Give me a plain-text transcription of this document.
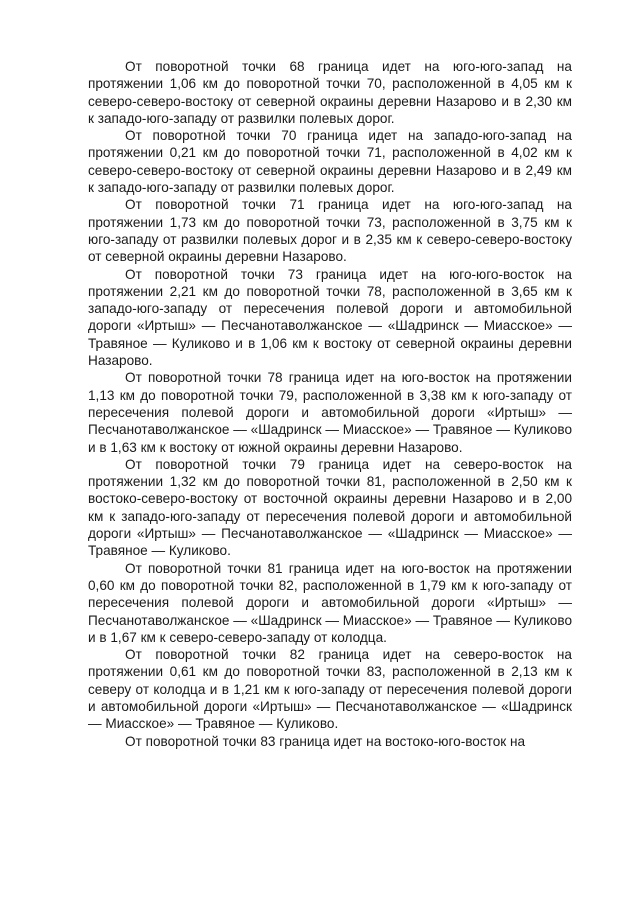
От поворотной точки 68 граница идет на юго-юго-запад на протяжении 1,06 км до поворотной точки 70, расположенной в 4,05 км к северо-северо-востоку от северной окраины деревни Назарово и в 2,30 км к западо-юго-западу от развилки полевых дорог.

От поворотной точки 70 граница идет на западо-юго-запад на протяжении 0,21 км до поворотной точки 71, расположенной в 4,02 км к северо-северо-востоку от северной окраины деревни Назарово и в 2,49 км к западо-юго-западу от развилки полевых дорог.

От поворотной точки 71 граница идет на юго-юго-запад на протяжении 1,73 км до поворотной точки 73, расположенной в 3,75 км к юго-западу от развилки полевых дорог и в 2,35 км к северо-северо-востоку от северной окраины деревни Назарово.

От поворотной точки 73 граница идет на юго-юго-восток на протяжении 2,21 км до поворотной точки 78, расположенной в 3,65 км к западо-юго-западу от пересечения полевой дороги и автомобильной дороги «Иртыш» — Песчанотаволжанское — «Шадринск — Миасское» — Травяное — Куликово и в 1,06 км к востоку от северной окраины деревни Назарово.

От поворотной точки 78 граница идет на юго-восток на протяжении 1,13 км до поворотной точки 79, расположенной в 3,38 км к юго-западу от пересечения полевой дороги и автомобильной дороги «Иртыш» — Песчанотаволжанское — «Шадринск — Миасское» — Травяное — Куликово и в 1,63 км к востоку от южной окраины деревни Назарово.

От поворотной точки 79 граница идет на северо-восток на протяжении 1,32 км до поворотной точки 81, расположенной в 2,50 км к востоко-северо-востоку от восточной окраины деревни Назарово и в 2,00 км к западо-юго-западу от пересечения полевой дороги и автомобильной дороги «Иртыш» — Песчанотаволжанское — «Шадринск — Миасское» — Травяное — Куликово.

От поворотной точки 81 граница идет на юго-восток на протяжении 0,60 км до поворотной точки 82, расположенной в 1,79 км к юго-западу от пересечения полевой дороги и автомобильной дороги «Иртыш» — Песчанотаволжанское — «Шадринск — Миасское» — Травяное — Куликово и в 1,67 км к северо-северо-западу от колодца.

От поворотной точки 82 граница идет на северо-восток на протяжении 0,61 км до поворотной точки 83, расположенной в 2,13 км к северу от колодца и в 1,21 км к юго-западу от пересечения полевой дороги и автомобильной дороги «Иртыш» — Песчанотаволжанское — «Шадринск — Миасское» — Травяное — Куликово.

От поворотной точки 83 граница идет на востоко-юго-восток на
